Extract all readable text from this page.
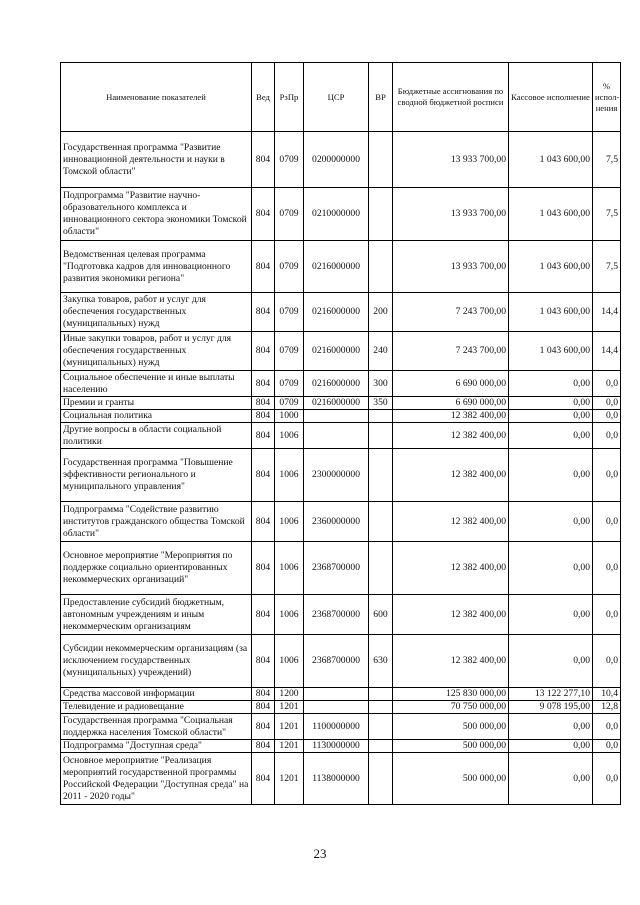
Наименование показателей	Вед	РзПр	ЦСР	ВР	Бюджетные ассигнования по сводной бюджетной росписи	Кассовое исполнение	% испол- нения
Государственная программа "Развитие инновационной деятельности и науки в Томской области"	804	0709	0200000000		13 933 700,00	1 043 600,00	7,5
Подпрограмма "Развитие научно-образовательного комплекса и инновационного сектора экономики Томской области"	804	0709	0210000000		13 933 700,00	1 043 600,00	7,5
Ведомственная целевая программа "Подготовка кадров для инновационного развития экономики региона"	804	0709	0216000000		13 933 700,00	1 043 600,00	7,5
Закупка товаров, работ и услуг для обеспечения государственных (муниципальных) нужд	804	0709	0216000000	200	7 243 700,00	1 043 600,00	14,4
Иные закупки товаров, работ и услуг для обеспечения государственных (муниципальных) нужд	804	0709	0216000000	240	7 243 700,00	1 043 600,00	14,4
Социальное обеспечение и иные выплаты населению	804	0709	0216000000	300	6 690 000,00	0,00	0,0
Премии и гранты	804	0709	0216000000	350	6 690 000,00	0,00	0,0
Социальная политика	804	1000			12 382 400,00	0,00	0,0
Другие вопросы в области социальной политики	804	1006			12 382 400,00	0,00	0,0
Государственная программа "Повышение эффективности регионального и муниципального управления"	804	1006	2300000000		12 382 400,00	0,00	0,0
Подпрограмма "Содействие развитию институтов гражданского общества Томской области"	804	1006	2360000000		12 382 400,00	0,00	0,0
Основное мероприятие "Мероприятия по поддержке социально ориентированных некоммерческих организаций"	804	1006	2368700000		12 382 400,00	0,00	0,0
Предоставление субсидий бюджетным, автономным учреждениям и иным некоммерческим организациям	804	1006	2368700000	600	12 382 400,00	0,00	0,0
Субсидии некоммерческим организациям (за исключением государственных (муниципальных) учреждений)	804	1006	2368700000	630	12 382 400,00	0,00	0,0
Средства массовой информации	804	1200			125 830 000,00	13 122 277,10	10,4
Телевидение и радиовещание	804	1201			70 750 000,00	9 078 195,00	12,8
Государственная программа "Социальная поддержка населения Томской области"	804	1201	1100000000		500 000,00	0,00	0,0
Подпрограмма "Доступная среда"	804	1201	1130000000		500 000,00	0,00	0,0
Основное мероприятие "Реализация мероприятий государственной программы Российской Федерации "Доступная среда" на 2011 - 2020 годы"	804	1201	1138000000		500 000,00	0,00	0,0
23
